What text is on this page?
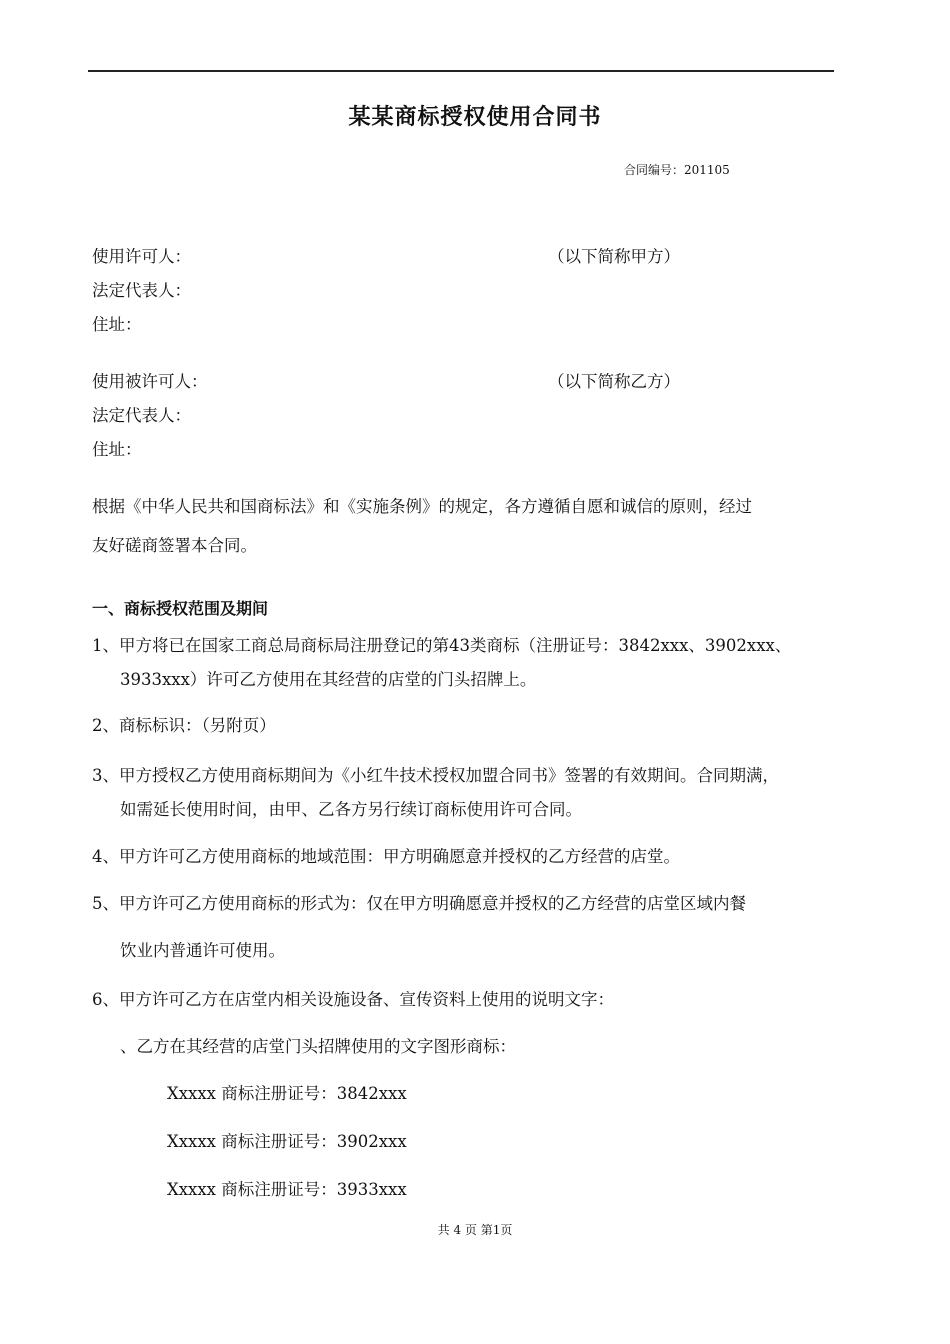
某某商标授权使用合同书
合同编号：201105
使用许可人：	（以下简称甲方）
法定代表人：
住址：
使用被许可人：	（以下简称乙方）
法定代表人：
住址：
根据《中华人民共和国商标法》和《实施条例》的规定，各方遵循自愿和诚信的原则，经过
友好磋商签署本合同。
一、商标授权范围及期间
1、甲方将已在国家工商总局商标局注册登记的第43类商标（注册证号：3842xxx、3902xxx、
3933xxx）许可乙方使用在其经营的店堂的门头招牌上。
2、商标标识：（另附页）
3、甲方授权乙方使用商标期间为《小红牛技术授权加盟合同书》签署的有效期间。合同期满，
如需延长使用时间，由甲、乙各方另行续订商标使用许可合同。
4、甲方许可乙方使用商标的地域范围：甲方明确愿意并授权的乙方经营的店堂。
5、甲方许可乙方使用商标的形式为：仅在甲方明确愿意并授权的乙方经营的店堂区域内餐
饮业内普通许可使用。
6、甲方许可乙方在店堂内相关设施设备、宣传资料上使用的说明文字：
、乙方在其经营的店堂门头招牌使用的文字图形商标：
Xxxxx 商标注册证号：3842xxx
Xxxxx 商标注册证号：3902xxx
Xxxxx 商标注册证号：3933xxx
共 4 页 第1页
